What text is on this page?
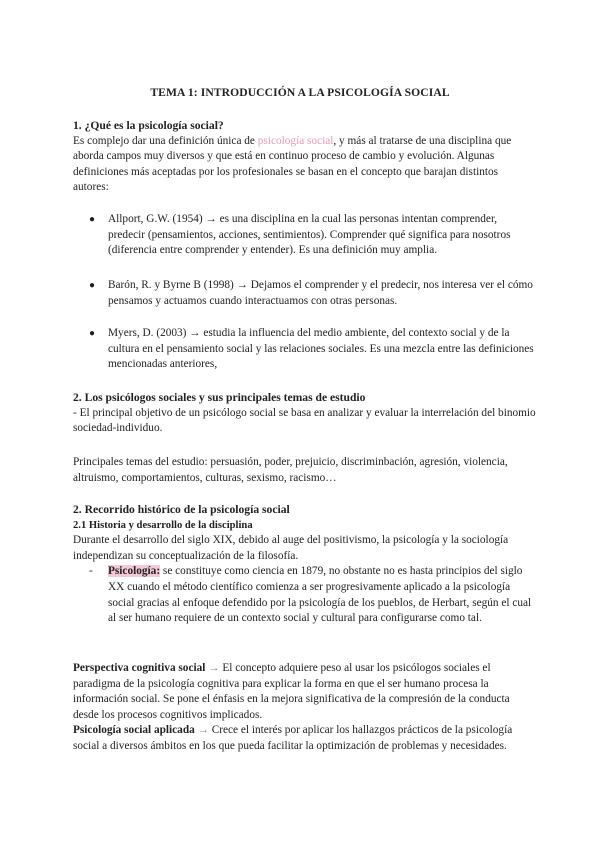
TEMA 1: INTRODUCCIÓN A LA PSICOLOGÍA SOCIAL
1. ¿Qué es la psicología social?

Es complejo dar una definición única de psicología social, y más al tratarse de una disciplina que aborda campos muy diversos y que está en continuo proceso de cambio y evolución. Algunas definiciones más aceptadas por los profesionales se basan en el concepto que barajan distintos autores:

● Allport, G.W. (1954) → es una disciplina en la cual las personas intentan comprender, predecir (pensamientos, acciones, sentimientos). Comprender qué significa para nosotros (diferencia entre comprender y entender). Es una definición muy amplia.
● Barón, R. y Byrne B (1998) → Dejamos el comprender y el predecir, nos interesa ver el cómo pensamos y actuamos cuando interactuamos con otras personas.
● Myers, D. (2003) → estudia la influencia del medio ambiente, del contexto social y de la cultura en el pensamiento social y las relaciones sociales. Es una mezcla entre las definiciones mencionadas anteriores,
2. Los psicólogos sociales y sus principales temas de estudio

- El principal objetivo de un psicólogo social se basa en analizar y evaluar la interrelación del binomio sociedad-individuo.

Principales temas del estudio: persuasión, poder, prejuicio, discriminbación, agresión, violencia, altruismo, comportamientos, culturas, sexismo, racismo…

2. Recorrido histórico de la psicología social
2.1 Historia y desarrollo de la disciplina

Durante el desarrollo del siglo XIX, debido al auge del positivismo, la psicología y la sociología independizan su conceptualización de la filosofía.

- Psicología: se constituye como ciencia en 1879, no obstante no es hasta principios del siglo XX cuando el método científico comienza a ser progresivamente aplicado a la psicología social gracias al enfoque defendido por la psicología de los pueblos, de Herbart, según el cual al ser humano requiere de un contexto social y cultural para configurarse como tal.

Perspectiva cognitiva social → El concepto adquiere peso al usar los psicólogos sociales el paradigma de la psicología cognitiva para explicar la forma en que el ser humano procesa la información social. Se pone el énfasis en la mejora significativa de la compresión de la conducta desde los procesos cognitivos implicados.

Psicología social aplicada → Crece el interés por aplicar los hallazgos prácticos de la psicología social a diversos ámbitos en los que pueda facilitar la optimización de problemas y necesidades.
